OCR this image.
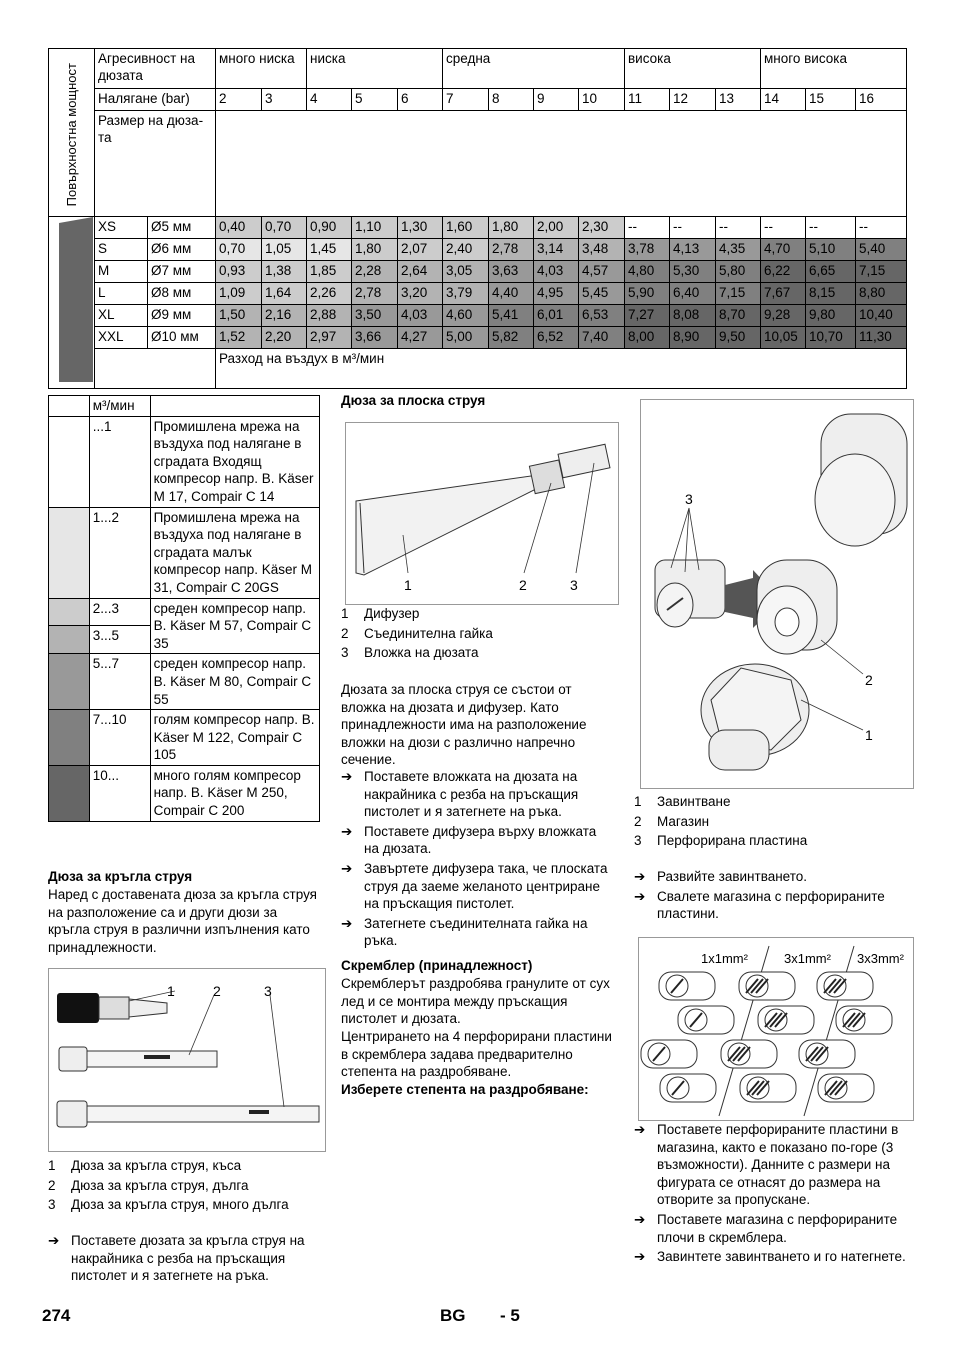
Повърхностна мощност	Агресивност на дюзата		много ниска		ниска			средна				висока			много висока		
	Налягане (bar)		2	3	4	5	6	7	8	9	10	11	12	13	14	15	16
	Размер на дюза-та																

	XS	Ø5 мм	0,40	0,70	0,90	1,10	1,30	1,60	1,80	2,00	2,30	--	--	--	--	--	--
	S	Ø6 мм	0,70	1,05	1,45	1,80	2,07	2,40	2,78	3,14	3,48	3,78	4,13	4,35	4,70	5,10	5,40
	M	Ø7 мм	0,93	1,38	1,85	2,28	2,64	3,05	3,63	4,03	4,57	4,80	5,30	5,80	6,22	6,65	7,15
	L	Ø8 мм	1,09	1,64	2,26	2,78	3,20	3,79	4,40	4,95	5,45	5,90	6,40	7,15	7,67	8,15	8,80
	XL	Ø9 мм	1,50	2,16	2,88	3,50	4,03	4,60	5,41	6,01	6,53	7,27	8,08	8,70	9,28	9,80	10,40
	XXL	Ø10 мм	1,52	2,20	2,97	3,66	4,27	5,00	5,82	6,52	7,40	8,00	8,90	9,50	10,05	10,70	11,30
			Разход на въздух в м³/мин														
	м³/мин	
	...1	Промишлена мрежа на въздуха под налягане в сградата Входящ компресор напр. В. Käser M 17, Compair C 14
	1...2	Промишлена мрежа на въздуха под налягане в сградата малък компресор напр. Käser M 31, Compair C 20GS
	2...3	среден компресор напр. В. Käser M 57, Compair C 35
	3...5	
	5...7	среден компресор напр. В. Käser M 80, Compair C 55
	7...10	голям компресор напр. В. Käser M 122, Compair C 105
	10...	много голям компресор напр. В. Käser M 250, Compair C 200
Дюза за кръгла струя
Наред с доставената дюза за кръгла струя на разположение са и други дюзи за кръгла струя в различни изпълнения като принадлежности.
1	2	3
1 Дюза за кръгла струя, къса
2 Дюза за кръгла струя, дълга
3 Дюза за кръгла струя, много дълга
➔ Поставете дюзата за кръгла струя на накрайника с резба на пръскащия пистолет и я затегнете на ръка.
Дюза за плоска струя
1	2	3
1 Дифузер
2 Съединителна гайка
3 Вложка на дюзата
Дюзата за плоска струя се състои от вложка на дюзата и дифузер. Като принадлежности има на разположение вложки на дюзи с различно напречно сечение.
➔ Поставете вложката на дюзата на накрайника с резба на пръскащия пистолет и я затегнете на ръка.
➔ Поставете дифузера върху вложката на дюзата.
➔ Завъртете дифузера така, че плоската струя да заеме желаното центриране на пръскащия пистолет.
➔ Затегнете съединителната гайка на ръка.
Скремблер (принадлежност)
Скремблерът раздробява гранулите от сух лед и се монтира между пръскащия пистолет и дюзата.
Центрирането на 4 перфорирани пластини в скремблера задава предварително степента на раздробяване.
Изберете степента на раздробяване:
3
2
1
1 Завинтване
2 Магазин
3 Перфорирана пластина
➔ Развийте завинтването.
➔ Свалете магазина с перфорираните пластини.
1x1mm²	3x1mm² 3x3mm²
➔ Поставете перфорираните пластини в магазина, както е показано по-горе (3 възможности). Данните с размери на фигурата се отнасят до размера на отворите за пропускане.
➔ Поставете магазина с перфорираните плочи в скремблера.
➔ Завинтете завинтването и го натегнете.
274	BG - 5
